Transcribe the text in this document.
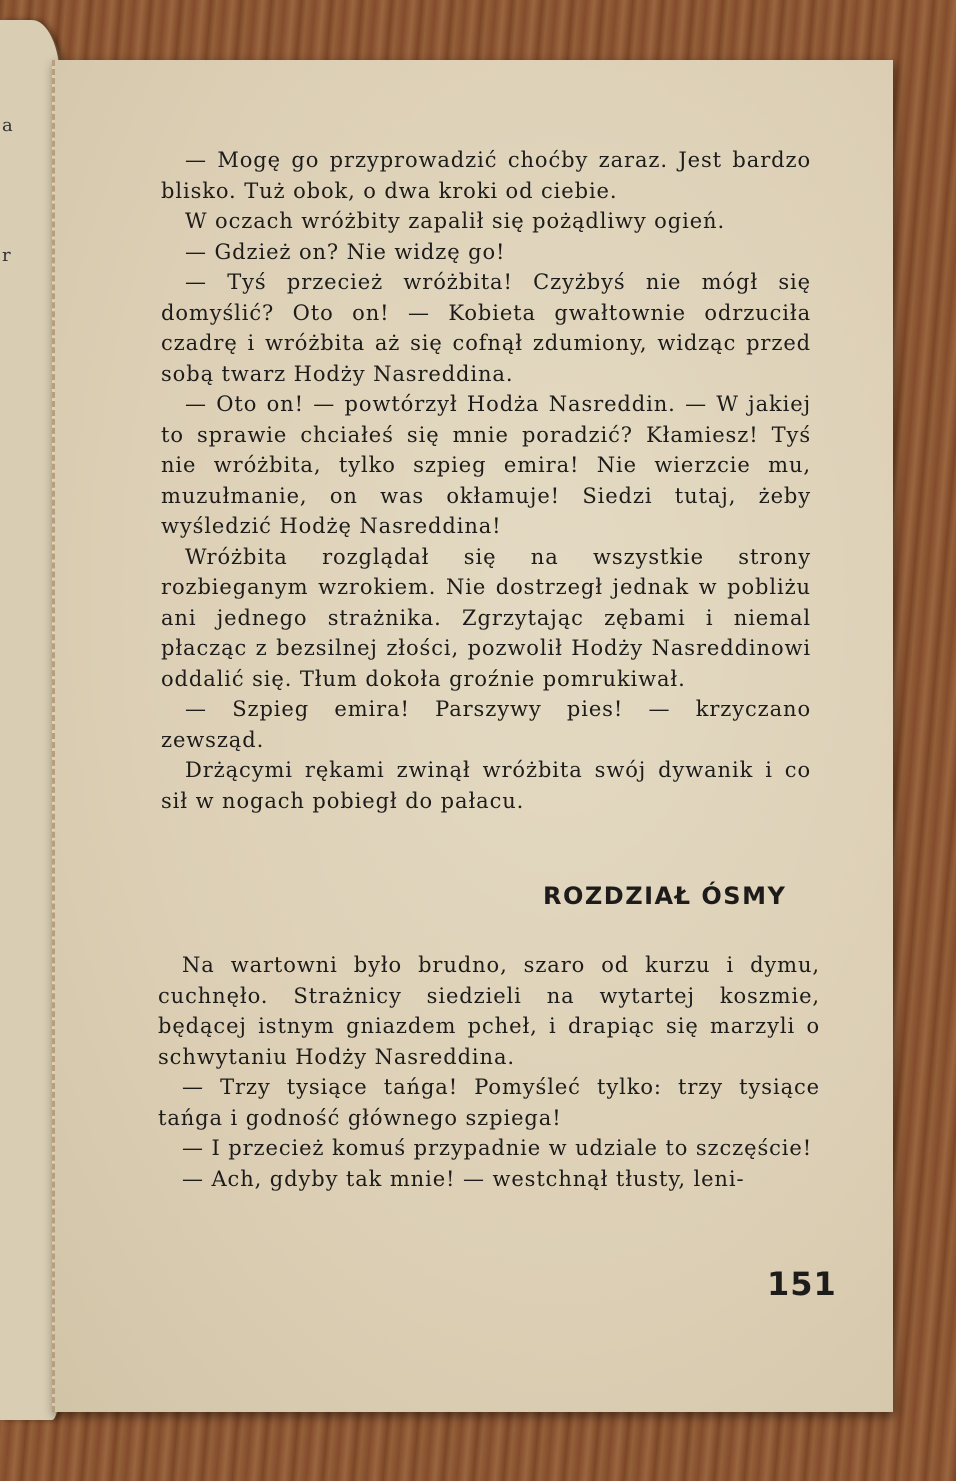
a
r

— Mogę go przyprowadzić choćby zaraz. Jest bardzo blisko. Tuż obok, o dwa kroki od ciebie.

W oczach wróżbity zapalił się pożądliwy ogień.

— Gdzież on? Nie widzę go!

— Tyś przecież wróżbita! Czyżbyś nie mógł się domyślić? Oto on! — Kobieta gwałtownie odrzuciła czadrę i wróżbita aż się cofnął zdumiony, widząc przed sobą twarz Hodży Nasreddina.

— Oto on! — powtórzył Hodża Nasreddin. — W jakiej to sprawie chciałeś się mnie poradzić? Kłamiesz! Tyś nie wróżbita, tylko szpieg emira! Nie wierzcie mu, muzułmanie, on was okłamuje! Siedzi tutaj, żeby wyśledzić Hodżę Nasreddina!

Wróżbita rozglądał się na wszystkie strony rozbieganym wzrokiem. Nie dostrzegł jednak w pobliżu ani jednego strażnika. Zgrzytając zębami i niemal płacząc z bezsilnej złości, pozwolił Hodży Nasreddinowi oddalić się. Tłum dokoła groźnie pomrukiwał.

— Szpieg emira! Parszywy pies! — krzyczano zewsząd.

Drżącymi rękami zwinął wróżbita swój dywanik i co sił w nogach pobiegł do pałacu.

ROZDZIAŁ ÓSMY

Na wartowni było brudno, szaro od kurzu i dymu, cuchnęło. Strażnicy siedzieli na wytartej koszmie, będącej istnym gniazdem pcheł, i drapiąc się marzyli o schwytaniu Hodży Nasreddina.

— Trzy tysiące tańga! Pomyśleć tylko: trzy tysiące tańga i godność głównego szpiega!

— I przecież komuś przypadnie w udziale to szczęście!

— Ach, gdyby tak mnie! — westchnął tłusty, leni-

151
